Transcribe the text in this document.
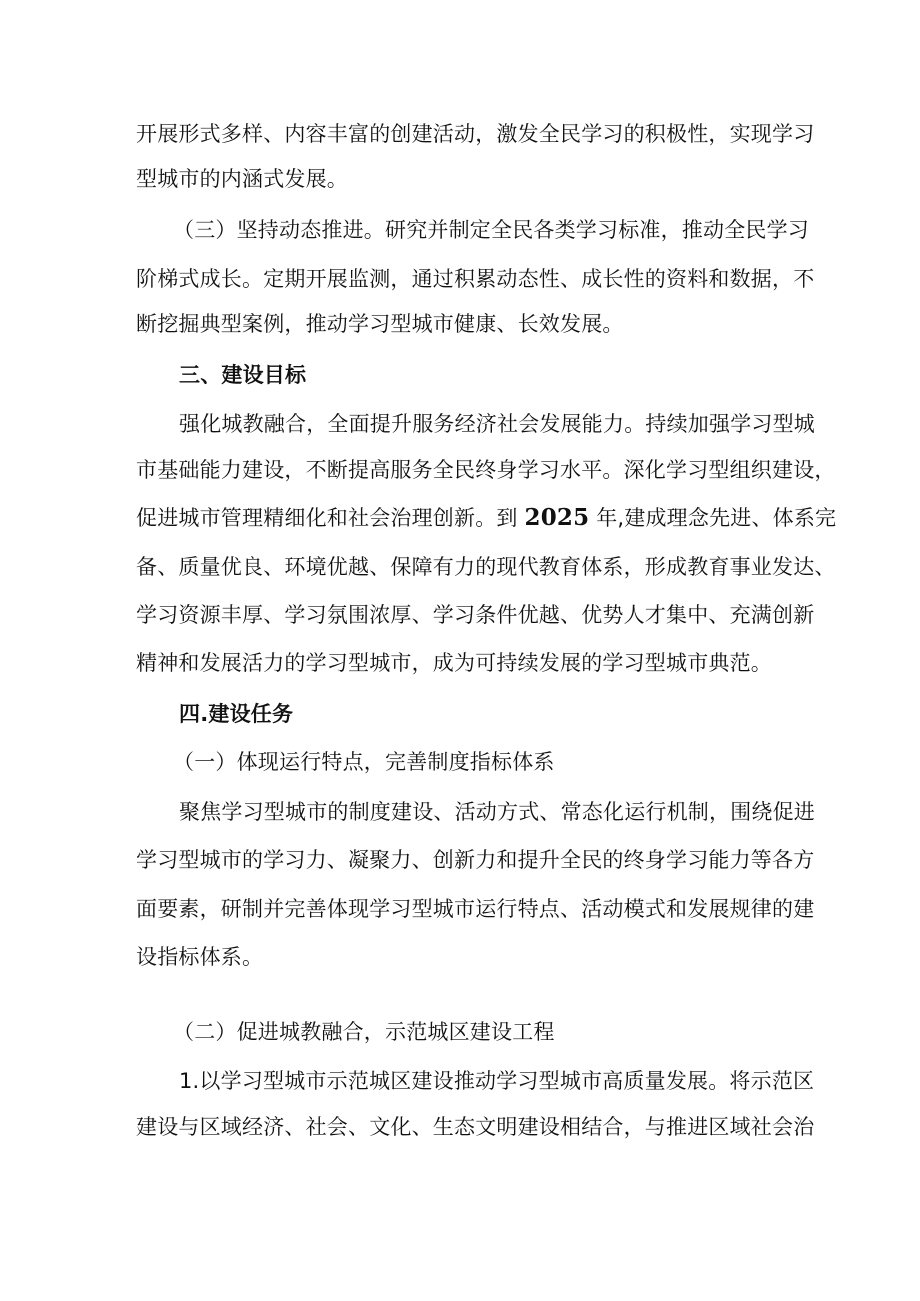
开展形式多样、内容丰富的创建活动，激发全民学习的积极性，实现学习
型城市的内涵式发展。
（三）坚持动态推进。研究并制定全民各类学习标准，推动全民学习
阶梯式成长。定期开展监测，通过积累动态性、成长性的资料和数据，不
断挖掘典型案例，推动学习型城市健康、长效发展。
三、建设目标
强化城教融合，全面提升服务经济社会发展能力。持续加强学习型城
市基础能力建设，不断提高服务全民终身学习水平。深化学习型组织建设，
促进城市管理精细化和社会治理创新。到 2025 年,建成理念先进、体系完
备、质量优良、环境优越、保障有力的现代教育体系，形成教育事业发达、
学习资源丰厚、学习氛围浓厚、学习条件优越、优势人才集中、充满创新
精神和发展活力的学习型城市，成为可持续发展的学习型城市典范。
四.建设任务
（一）体现运行特点，完善制度指标体系
聚焦学习型城市的制度建设、活动方式、常态化运行机制，围绕促进
学习型城市的学习力、凝聚力、创新力和提升全民的终身学习能力等各方
面要素，研制并完善体现学习型城市运行特点、活动模式和发展规律的建
设指标体系。
（二）促进城教融合，示范城区建设工程
1.以学习型城市示范城区建设推动学习型城市高质量发展。将示范区
建设与区域经济、社会、文化、生态文明建设相结合，与推进区域社会治
